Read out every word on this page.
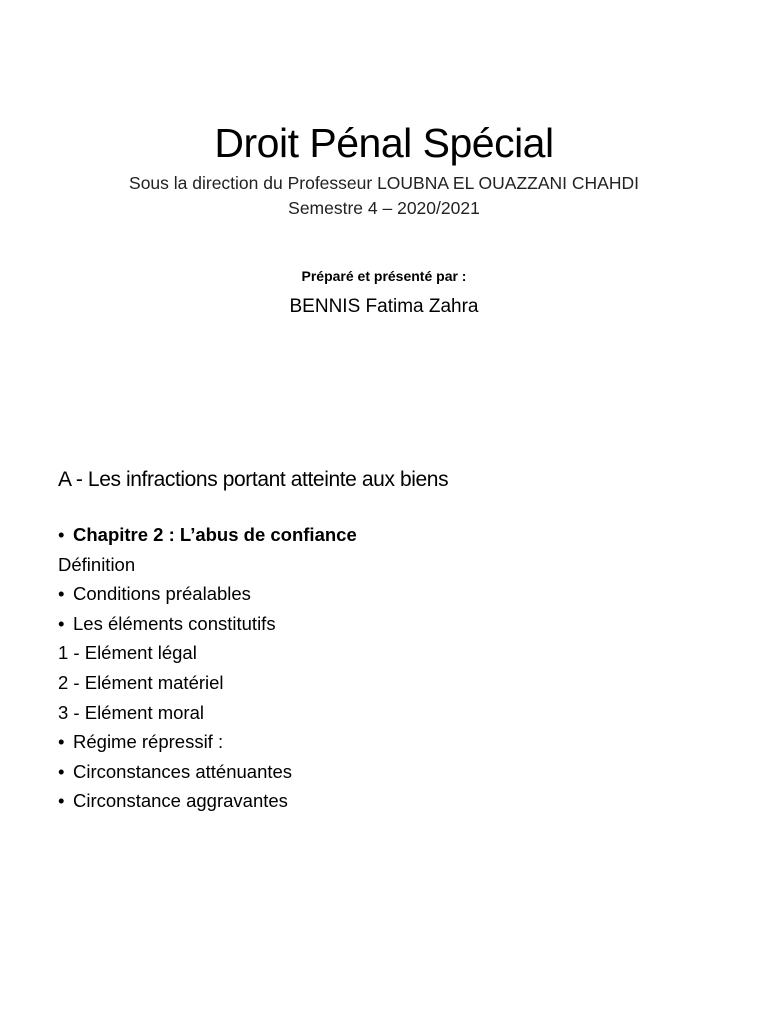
Droit Pénal Spécial
Sous la direction du Professeur LOUBNA EL OUAZZANI CHAHDI
Semestre 4 – 2020/2021
Préparé et présenté par :
BENNIS Fatima Zahra
A - Les infractions portant atteinte aux biens
• Chapitre 2 : L’abus de confiance
Définition
• Conditions préalables
• Les éléments constitutifs
1 - Elément légal
2 - Elément matériel
3 - Elément moral
• Régime répressif :
• Circonstances atténuantes
• Circonstance aggravantes
